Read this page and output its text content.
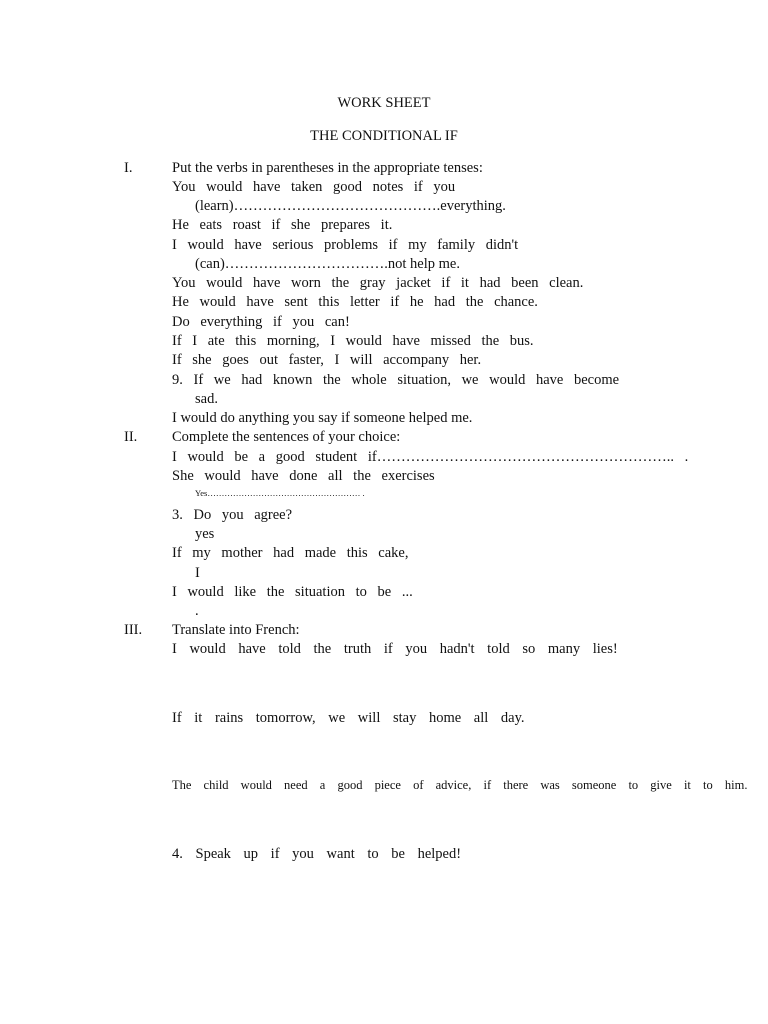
WORK SHEET
THE CONDITIONAL IF
I.	Put the verbs in parentheses in the appropriate tenses:
You would have taken good notes if you
(learn)…………………………………….everything.
He eats roast if she prepares it.
I would have serious problems if my family didn't
(can)…………………………….not help me.
You would have worn the gray jacket if it had been clean.
He would have sent this letter if he had the chance.
Do everything if you can!
If I ate this morning, I would have missed the bus.
If she goes out faster, I will accompany her.
9. If we had known the whole situation, we would have become
sad.
I would do anything you say if someone helped me.
II. Complete the sentences of your choice:
I would be a good student if…………………………………………………….. .
She would have done all the exercises
Yes……………………………………………… .
3. Do you agree?
yes
If my mother had made this cake,
I
I would like the situation to be ...
.
III. Translate into French:
I would have told the truth if you hadn't told so many lies!
If it rains tomorrow, we will stay home all day.
The child would need a good piece of advice, if there was someone to give it to him.
4. Speak up if you want to be helped!
